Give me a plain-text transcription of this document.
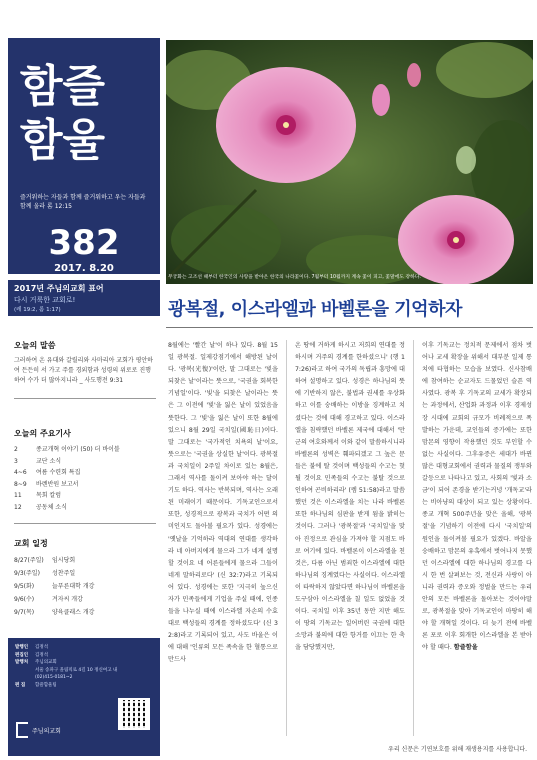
함즐
함울
즐거워하는 자들과 함께 즐거워하고 우는 자들과 함께 울라 롬 12:15
382
2017. 8.20
2017년 주님의교회 표어
다시 거룩한 교회로!
(레 19:2, 롬 1:17)
오늘의 말씀
그러하여 온 유대와 갈릴리와 사마리아 교회가 평안하여 든든히 서 가고 주를 경외함과 성령의 위로로 진행하여 수가 더 많아지니라 _ 사도행전 9:31
오늘의 주요기사
2	종교개혁 이야기 (50) 더 바이블
3	교단 소식
4~6	여름 수련회 특집
8~9	바렌반원 보고서
11	목회 칼럼
12	공동체 소식
교회 일정
8/27(주일)	임시당회
9/3(주일)	성찬주일
9/5(화)	늘푸른대학 개강
9/6(수)	겨자씨 개강
9/7(목)	양육클래스 개강
발행인	김정석
편집인	김정석
발행처	주님의교회
서울 송파구 올림픽로 4길 10 정신여고 내
(02)415-0181~2
편 집	함즐함울팀
주님의교회
무궁화는 고조선 때부터 한국인의 사랑을 받아온 한국의 나라꽃이다. 7월부터 10월까지 계속 꽃이 피고, 꽃말에도 강하다.
광복절, 이스라엘과 바벨론을 기억하자
8월에는 '빨간 날'이 하나 있다. 8월 15일 광복절. 일제강점기에서 해방된 날이다. '광복(光復)'이란, 말 그대로는 '빛을 되찾은 날'이라는 뜻으로, '국권을 회복한 기념일'이다. '빛'을 되찾은 날이라는 뜻은 그 이전에 '빛'을 잃은 날이 있었음을 뜻한다. 그 '빛'을 잃은 날이 또한 8월에 있으니 8월 29일 국치일(國恥日)이다. 말 그대로는 '국가적인 치욕의 날'이요, 뜻으로는 '국권을 상실한 날'이다. 광복절과 국치일이 2주일 차이로 있는 8월은, 그래서 역사를 돌이켜 보아야 하는 달이기도 하다. 역사는 반복되며, 역사는 오래된 미래이기 때문이다. 기독교인으로서 또한, 성경적으로 광복과 국치가 어떤 의미인지도 돌아볼 필요가 있다. 성경에는 '옛날을 기억하라 역대의 연대를 생각하라 네 아버지에게 물으라 그가 네게 설명할 것이요 네 어른들에게 물으라 그들이 네게 말하리로다' (신 32:7)라고 기록되어 있다. 성경에는 또한 '지극히 높으신 자가 민족들에게 기업을 주실 때에, 인종들을 나누실 때에 이스라엘 자손의 수효대로 백성들의 경계를 정하셨도다' (신 32:8)라고 기록되어 있고, 사도 바울은 이에 대해 '인류의 모든 족속을 한 혈통으로 만드사
온 땅에 거하게 하시고 저희의 연대를 정하시며 거주의 경계를 한하셨으니' (행 17:26)라고 하여 국가의 독립과 흥망에 대하여 설명하고 있다. 성경은 하나님의 뜻에 기반하지 않은, 불법과 권세를 우상화하고 이를 숭배하는 이방을 징계하고 치셨다는 것에 대해 경고하고 있다. 이스라엘을 침략했던 바벨론 제국에 대해서 '만군의 여호와께서 이와 같이 말씀하시니라 바벨론의 성벽은 훼파되겠고 그 높은 문들은 불에 탈 것이며 백성들의 수고는 헛될 것이요 민족들의 수고는 불탈 것으로 인하여 곤비하리라' (렘 51:58)라고 말씀했던 것은 이스라엘을 치는 나라 바벨론 또한 하나님의 심판을 받게 됨을 밝히는 것이다. 그러나 '광복절'과 '국치일'을 맞아 진정으로 관심을 가져야 할 지점도 바로 여기에 있다. 바벨론이 이스라엘을 친 것은, 다름 아닌 범죄한 이스라엘에 대한 하나님의 징계였다는 사실이다. 이스라엘이 타락하지 않았다면 하나님이 바벨론을 도구삼아 이스라엘을 칠 일도 없었을 것이다. 국치일 이후 35년 동안 지만 해도 이 땅의 기독교는 일어버린 국권에 대한 소망과 불의에 대한 항거를 이끄는 한 축을 담당했지만,
이후 기독교는 정치적 문제에서 점차 벗어나 교세 확장을 위해서 대부분 일제 통치에 타협하는 모습을 보였다. 신사참배에 참여하는 순교자도 드물었던 슬픈 역사였다. 광복 후 기독교의 교세가 확장되는 과정에서, 산업화 과정과 이후 경제성장 시대에 교회의 규모가 비례적으로 폭발하는 가운데, 교인들의 증가에는 또한 맘몬의 영향이 작용했던 것도 부인할 수 없는 사실이다. 그후유증은 세대가 바뀐 많은 대형교회에서 권력과 물질의 쟁투와 갈등으로 나타나고 있고, 사회의 '빛과 소금'이 되어 존경을 받기는커녕 '개독교'라는 비아냥의 대상이 되고 있는 상황이다. 종교 개혁 500주년을 맞은 올해, '광복절'을 기념하기 이전에 다시 '국치일'의 원인을 돌이켜볼 필요가 있겠다. 바알을 숭배하고 맘몬의 유혹에서 벗어나지 못했던 이스라엘에 대한 하나님의 경고를 다시 한 번 살펴보는 것, 전신과 사랑이 아니라 권력과 증오와 정벌을 만드는 우리 안의 모든 바벨론을 돌아보는 것이야말로, 광복절을 맞아 기독교인이 마땅히 해야 할 개혁일 것이다. 더 늦기 전에 바벨론 포로 이후 회개한 이스라엘을 본 받아야 할 때다. 함즐함울
우리 신문은 기연보호를 위해 재생용지를 사용합니다.
